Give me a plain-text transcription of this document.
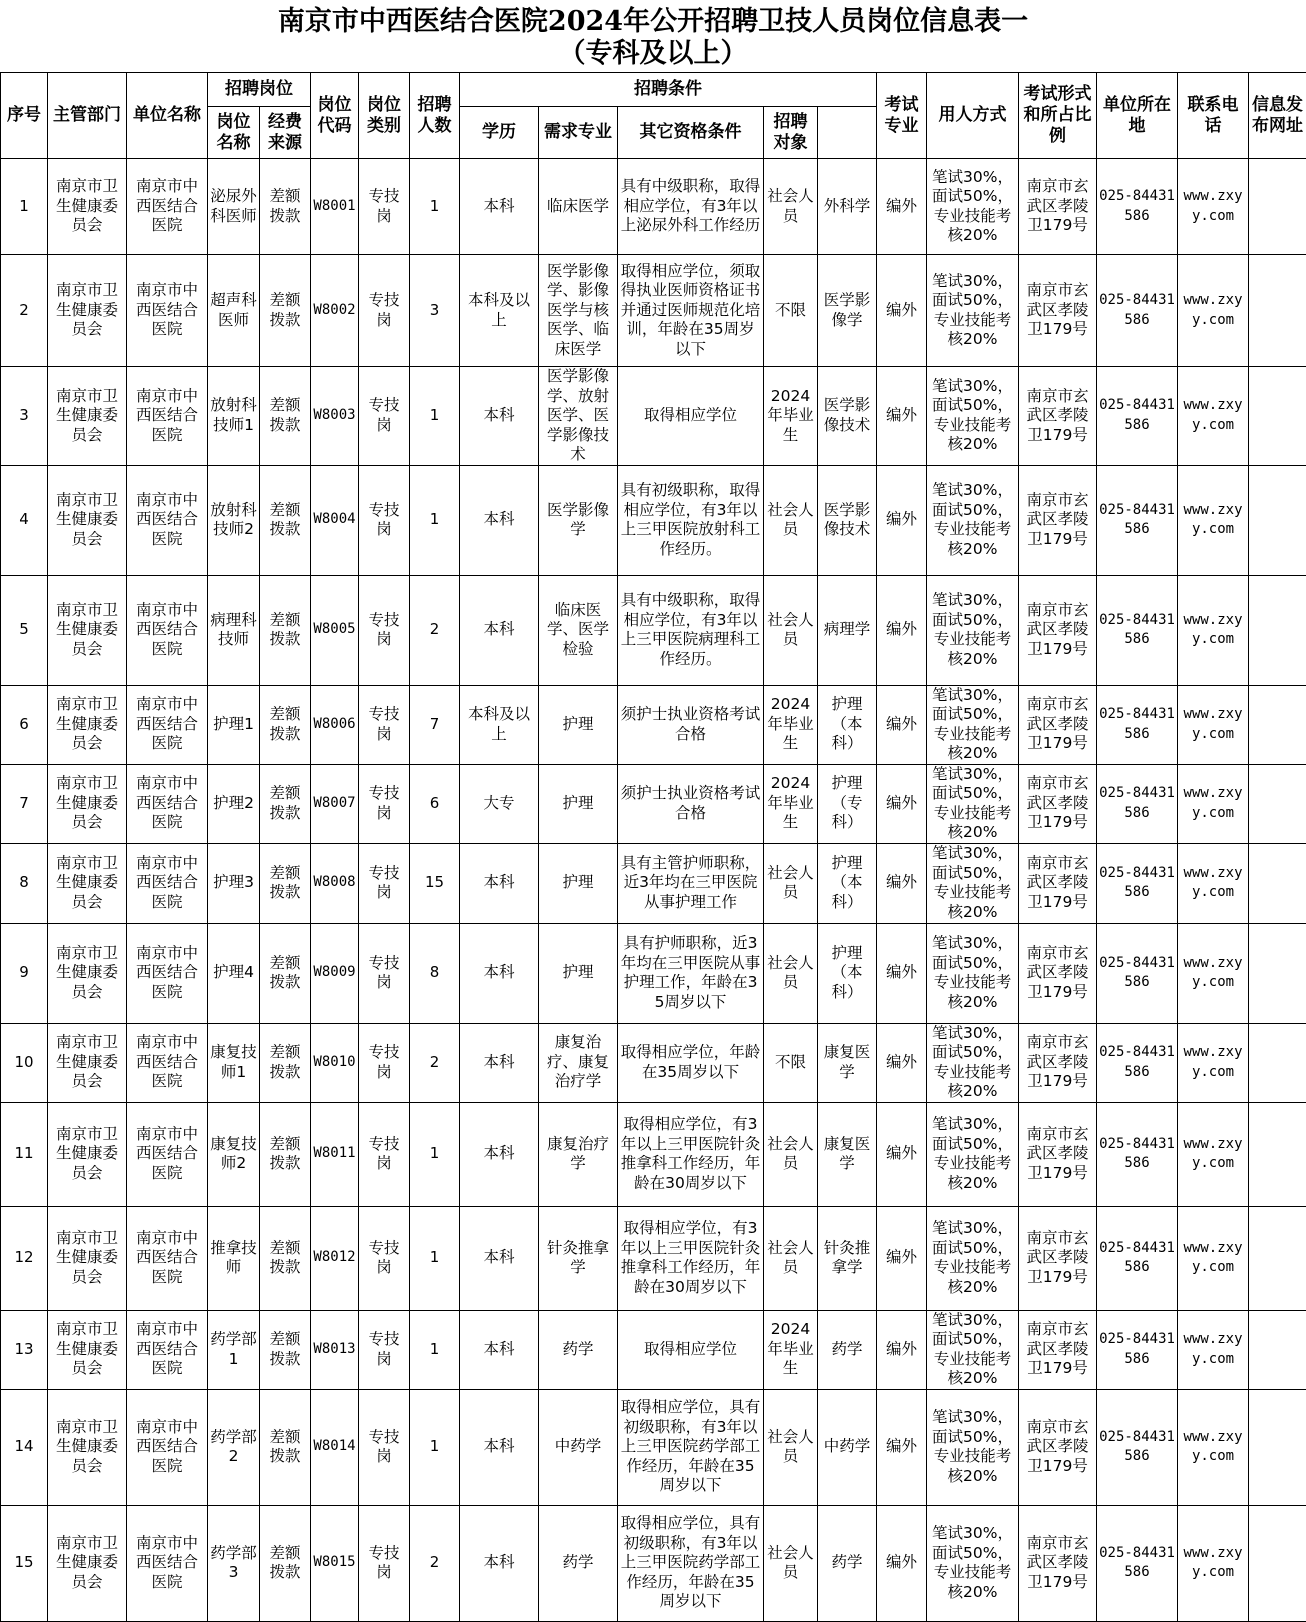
南京市中西医结合医院2024年公开招聘卫技人员岗位信息表一
（专科及以上）
序号	主管部门	单位名称	招聘岗位		岗位代码	岗位类别	招聘人数	招聘条件					考试专业	用人方式	考试形式和所占比例	单位所在地	联系电话	信息发布网址	
			岗位名称	经费来源				学历	需求专业	其它资格条件	招聘对象								
1	南京市卫生健康委员会	南京市中西医结合医院	泌尿外科医师	差额拨款	W8001	专技岗	1	本科	临床医学	具有中级职称，取得相应学位，有3年以上泌尿外科工作经历	社会人员	外科学	编外	笔试30%，面试50%，专业技能考核20%	南京市玄武区孝陵卫179号	025-84431586	www.zxyy.com		
2	南京市卫生健康委员会	南京市中西医结合医院	超声科医师	差额拨款	W8002	专技岗	3	本科及以上	医学影像学、影像医学与核医学、临床医学	取得相应学位，须取得执业医师资格证书并通过医师规范化培训，年龄在35周岁以下	不限	医学影像学	编外	笔试30%，面试50%，专业技能考核20%	南京市玄武区孝陵卫179号	025-84431586	www.zxyy.com		
3	南京市卫生健康委员会	南京市中西医结合医院	放射科技师1	差额拨款	W8003	专技岗	1	本科	医学影像学、放射医学、医学影像技术	取得相应学位	2024年毕业生	医学影像技术	编外	笔试30%，面试50%，专业技能考核20%	南京市玄武区孝陵卫179号	025-84431586	www.zxyy.com		
4	南京市卫生健康委员会	南京市中西医结合医院	放射科技师2	差额拨款	W8004	专技岗	1	本科	医学影像学	具有初级职称，取得相应学位，有3年以上三甲医院放射科工作经历。	社会人员	医学影像技术	编外	笔试30%，面试50%，专业技能考核20%	南京市玄武区孝陵卫179号	025-84431586	www.zxyy.com		
5	南京市卫生健康委员会	南京市中西医结合医院	病理科技师	差额拨款	W8005	专技岗	2	本科	临床医学、医学检验	具有中级职称，取得相应学位，有3年以上三甲医院病理科工作经历。	社会人员	病理学	编外	笔试30%，面试50%，专业技能考核20%	南京市玄武区孝陵卫179号	025-84431586	www.zxyy.com		
6	南京市卫生健康委员会	南京市中西医结合医院	护理1	差额拨款	W8006	专技岗	7	本科及以上	护理	须护士执业资格考试合格	2024年毕业生	护理（本科）	编外	笔试30%，面试50%，专业技能考核20%	南京市玄武区孝陵卫179号	025-84431586	www.zxyy.com		
7	南京市卫生健康委员会	南京市中西医结合医院	护理2	差额拨款	W8007	专技岗	6	大专	护理	须护士执业资格考试合格	2024年毕业生	护理（专科）	编外	笔试30%，面试50%，专业技能考核20%	南京市玄武区孝陵卫179号	025-84431586	www.zxyy.com		
8	南京市卫生健康委员会	南京市中西医结合医院	护理3	差额拨款	W8008	专技岗	15	本科	护理	具有主管护师职称，近3年均在三甲医院从事护理工作	社会人员	护理（本科）	编外	笔试30%，面试50%，专业技能考核20%	南京市玄武区孝陵卫179号	025-84431586	www.zxyy.com		
9	南京市卫生健康委员会	南京市中西医结合医院	护理4	差额拨款	W8009	专技岗	8	本科	护理	具有护师职称，近3年均在三甲医院从事护理工作，年龄在35周岁以下	社会人员	护理（本科）	编外	笔试30%，面试50%，专业技能考核20%	南京市玄武区孝陵卫179号	025-84431586	www.zxyy.com		
10	南京市卫生健康委员会	南京市中西医结合医院	康复技师1	差额拨款	W8010	专技岗	2	本科	康复治疗、康复治疗学	取得相应学位，年龄在35周岁以下	不限	康复医学	编外	笔试30%，面试50%，专业技能考核20%	南京市玄武区孝陵卫179号	025-84431586	www.zxyy.com		
11	南京市卫生健康委员会	南京市中西医结合医院	康复技师2	差额拨款	W8011	专技岗	1	本科	康复治疗学	取得相应学位，有3年以上三甲医院针灸推拿科工作经历，年龄在30周岁以下	社会人员	康复医学	编外	笔试30%，面试50%，专业技能考核20%	南京市玄武区孝陵卫179号	025-84431586	www.zxyy.com		
12	南京市卫生健康委员会	南京市中西医结合医院	推拿技师	差额拨款	W8012	专技岗	1	本科	针灸推拿学	取得相应学位，有3年以上三甲医院针灸推拿科工作经历，年龄在30周岁以下	社会人员	针灸推拿学	编外	笔试30%，面试50%，专业技能考核20%	南京市玄武区孝陵卫179号	025-84431586	www.zxyy.com		
13	南京市卫生健康委员会	南京市中西医结合医院	药学部1	差额拨款	W8013	专技岗	1	本科	药学	取得相应学位	2024年毕业生	药学	编外	笔试30%，面试50%，专业技能考核20%	南京市玄武区孝陵卫179号	025-84431586	www.zxyy.com		
14	南京市卫生健康委员会	南京市中西医结合医院	药学部2	差额拨款	W8014	专技岗	1	本科	中药学	取得相应学位，具有初级职称，有3年以上三甲医院药学部工作经历，年龄在35周岁以下	社会人员	中药学	编外	笔试30%，面试50%，专业技能考核20%	南京市玄武区孝陵卫179号	025-84431586	www.zxyy.com		
15	南京市卫生健康委员会	南京市中西医结合医院	药学部3	差额拨款	W8015	专技岗	2	本科	药学	取得相应学位，具有初级职称，有3年以上三甲医院药学部工作经历，年龄在35周岁以下	社会人员	药学	编外	笔试30%，面试50%，专业技能考核20%	南京市玄武区孝陵卫179号	025-84431586	www.zxyy.com		
